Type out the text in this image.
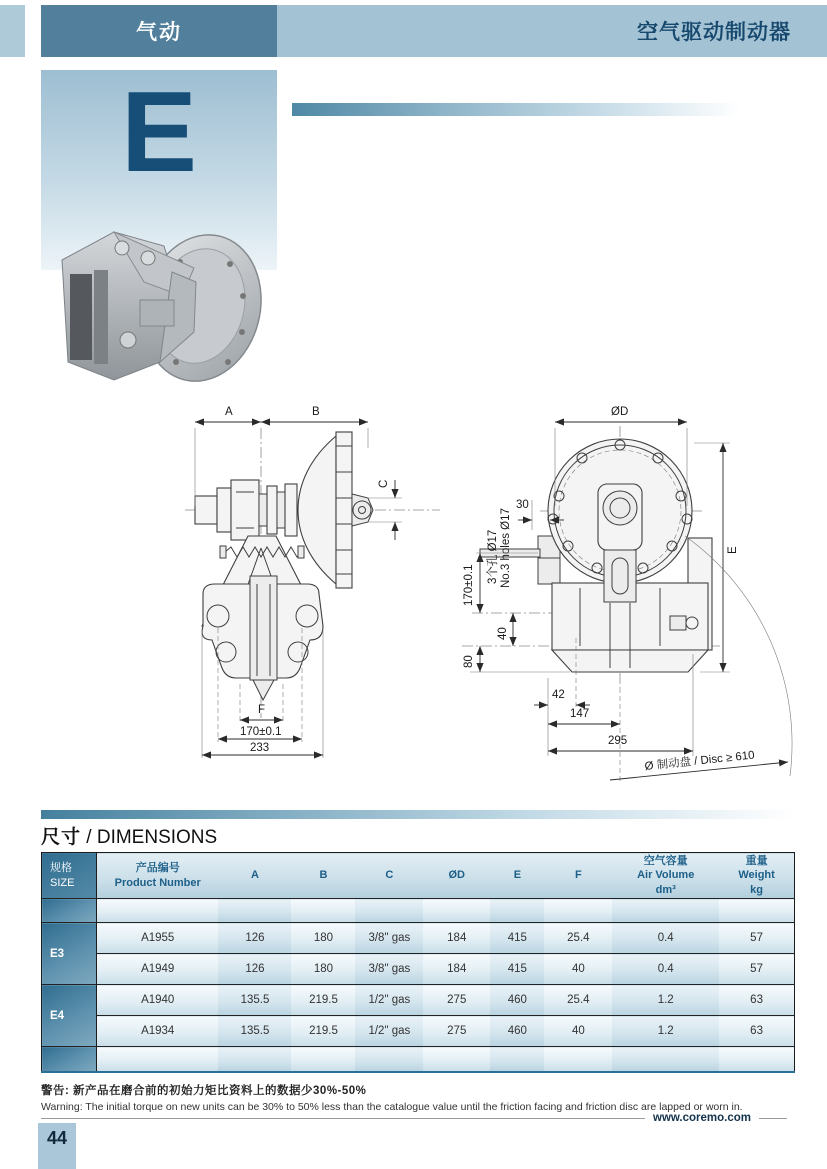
气动	空气驱动制动器
E
A	B
C
F
170±0.1
233
ØD
E
30
3个孔 Ø17 No.3 holes Ø17
170±0.1
40
80
42
147
295
Ø 制动盘 / Disc ≥ 610
尺寸 / DIMENSIONS
规格
SIZE	产品编号
Product Number	A	B	C	ØD	E	F	空气容量
Air Volume
dm³	重量
Weight
kg

E3	A1955	126	180	3/8" gas	184	415	25.4	0.4	57
	A1949	126	180	3/8" gas	184	415	40	0.4	57
E4	A1940	135.5	219.5	1/2" gas	275	460	25.4	1.2	63
	A1934	135.5	219.5	1/2" gas	275	460	40	1.2	63

警告: 新产品在磨合前的初始力矩比资料上的数据少30%-50%
Warning: The initial torque on new units can be 30% to 50% less than the catalogue value until the friction facing and friction disc are lapped or worn in.
www.coremo.com
44
